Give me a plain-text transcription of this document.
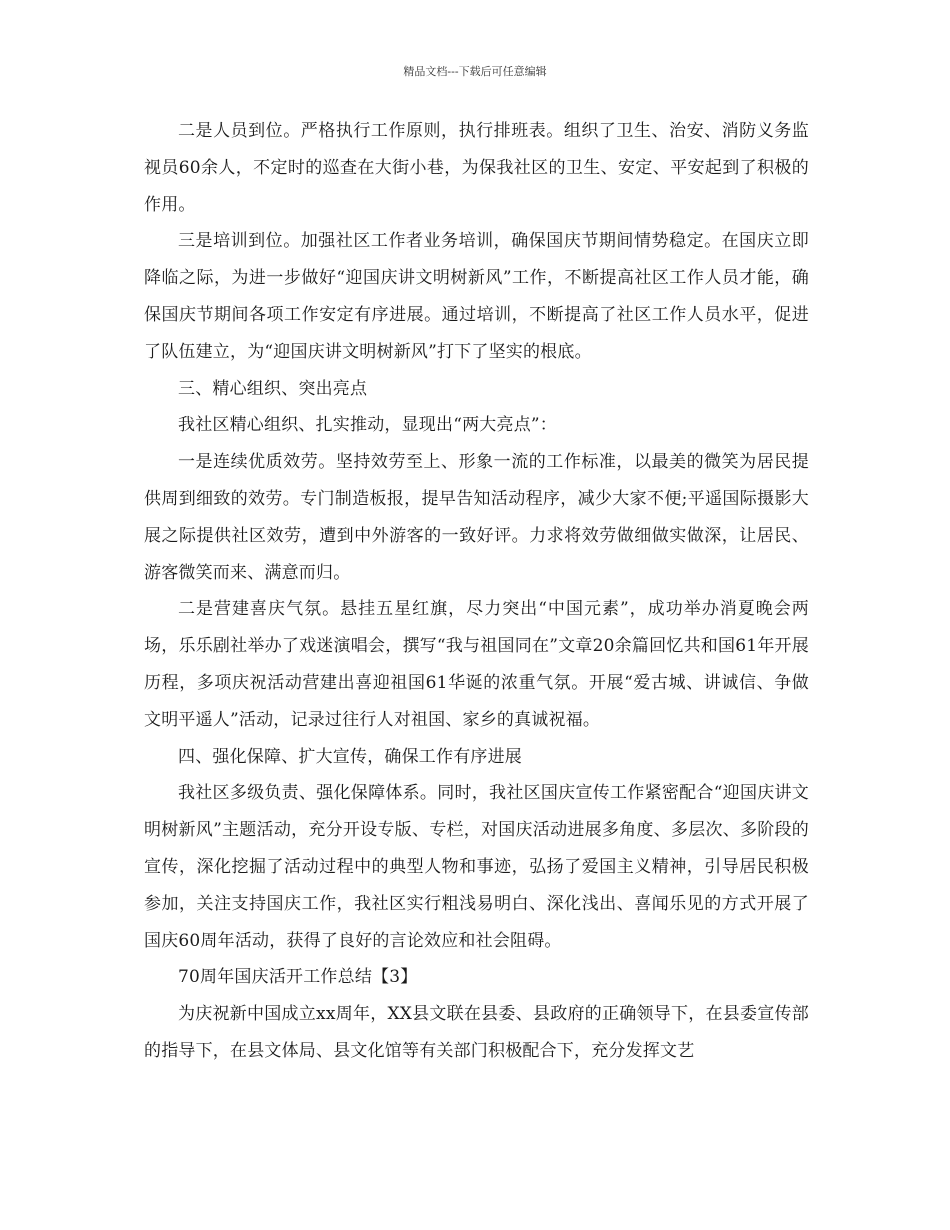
精品文档---下载后可任意编辑

二是人员到位。严格执行工作原则，执行排班表。组织了卫生、治安、消防义务监视员60余人，不定时的巡查在大街小巷，为保我社区的卫生、安定、平安起到了积极的作用。

三是培训到位。加强社区工作者业务培训，确保国庆节期间情势稳定。在国庆立即降临之际，为进一步做好“迎国庆讲文明树新风”工作，不断提高社区工作人员才能，确保国庆节期间各项工作安定有序进展。通过培训，不断提高了社区工作人员水平，促进了队伍建立，为“迎国庆讲文明树新风”打下了坚实的根底。

三、精心组织、突出亮点

我社区精心组织、扎实推动，显现出“两大亮点”：

一是连续优质效劳。坚持效劳至上、形象一流的工作标准，以最美的微笑为居民提供周到细致的效劳。专门制造板报，提早告知活动程序，减少大家不便;平遥国际摄影大展之际提供社区效劳，遭到中外游客的一致好评。力求将效劳做细做实做深，让居民、游客微笑而来、满意而归。

二是营建喜庆气氛。悬挂五星红旗，尽力突出“中国元素”，成功举办消夏晚会两场，乐乐剧社举办了戏迷演唱会，撰写“我与祖国同在”文章20余篇回忆共和国61年开展历程，多项庆祝活动营建出喜迎祖国61华诞的浓重气氛。开展“爱古城、讲诚信、争做文明平遥人”活动，记录过往行人对祖国、家乡的真诚祝福。

四、强化保障、扩大宣传，确保工作有序进展

我社区多级负责、强化保障体系。同时，我社区国庆宣传工作紧密配合“迎国庆讲文明树新风”主题活动，充分开设专版、专栏，对国庆活动进展多角度、多层次、多阶段的宣传，深化挖掘了活动过程中的典型人物和事迹，弘扬了爱国主义精神，引导居民积极参加，关注支持国庆工作，我社区实行粗浅易明白、深化浅出、喜闻乐见的方式开展了国庆60周年活动，获得了良好的言论效应和社会阻碍。

70周年国庆活开工作总结【3】

为庆祝新中国成立xx周年，XX县文联在县委、县政府的正确领导下，在县委宣传部的指导下，在县文体局、县文化馆等有关部门积极配合下，充分发挥文艺
